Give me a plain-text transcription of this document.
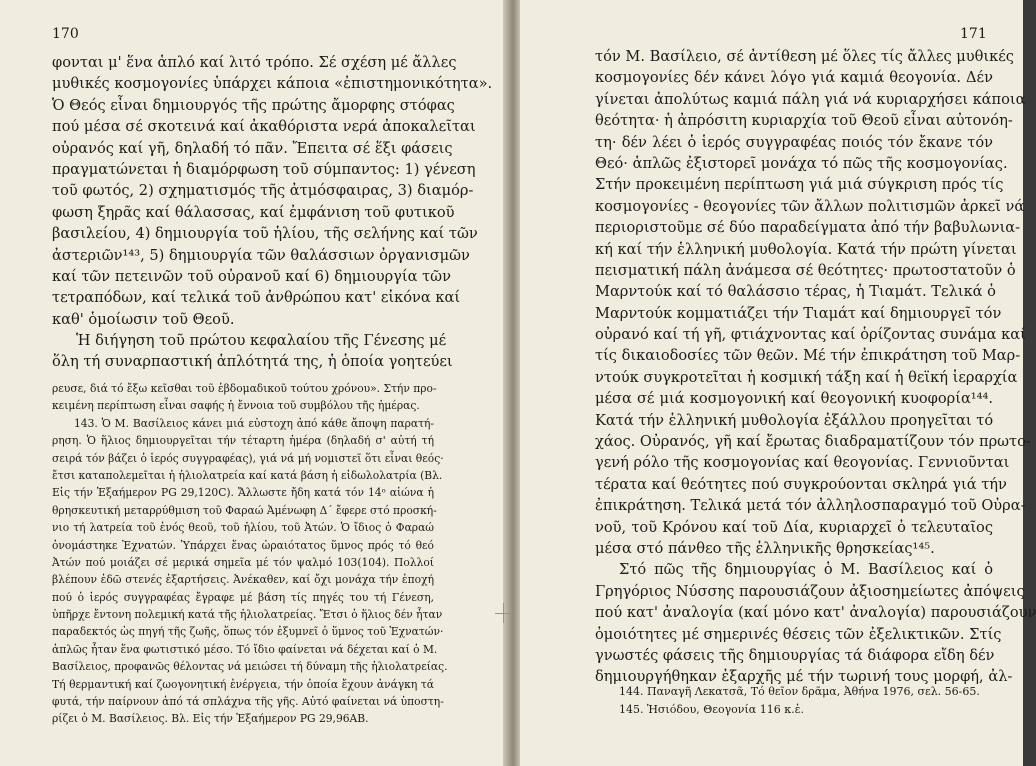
170
φονται μ' ἕνα ἁπλό καί λιτό τρόπο. Σέ σχέση μέ ἄλλες
μυθικές κοσμογονίες ὑπάρχει κάποια «ἐπιστημονικότητα».
Ὁ Θεός εἶναι δημιουργός τῆς πρώτης ἄμορφης στόφας
πού μέσα σέ σκοτεινά καί ἀκαθόριστα νερά ἀποκαλεῖται
οὐρανός καί γῆ, δηλαδή τό πᾶν. Ἔπειτα σέ ἕξι φάσεις
πραγματώνεται ἡ διαμόρφωση τοῦ σύμπαντος: 1) γένεση
τοῦ φωτός, 2) σχηματισμός τῆς ἀτμόσφαιρας, 3) διαμόρ-
φωση ξηρᾶς καί θάλασσας, καί ἐμφάνιση τοῦ φυτικοῦ
βασιλείου, 4) δημιουργία τοῦ ἡλίου, τῆς σελήνης καί τῶν
ἀστεριῶν¹⁴³, 5) δημιουργία τῶν θαλάσσιων ὀργανισμῶν
καί τῶν πετεινῶν τοῦ οὐρανοῦ καί 6) δημιουργία τῶν
τετραπόδων, καί τελικά τοῦ ἀνθρώπου κατ' εἰκόνα καί
καθ' ὁμοίωσιν τοῦ Θεοῦ.
Ἡ διήγηση τοῦ πρώτου κεφαλαίου τῆς Γένεσης μέ
ὅλη τή συναρπαστική ἁπλότητά της, ἡ ὁποία γοητεύει
ρευσε, διά τό ἔξω κεῖσθαι τοῦ ἑβδομαδικοῦ τούτου χρόνου». Στήν προ-
κειμένη περίπτωση εἶναι σαφής ἡ ἔννοια τοῦ συμβόλου τῆς ἡμέρας.
143. Ὁ Μ. Βασίλειος κάνει μιά εὐστοχη ἀπό κάθε ἄποψη παρατή-
ρηση. Ὁ ἥλιος δημιουργεῖται τήν τέταρτη ἡμέρα (δηλαδή σ' αὐτή τή
σειρά τόν βάζει ὁ ἱερός συγγραφέας), γιά νά μή νομιστεῖ ὅτι εἶναι θεός·
ἔτσι καταπολεμεῖται ἡ ἡλιολατρεία καί κατά βάση ἡ εἰδωλολατρία (Βλ.
Εἰς τήν Ἑξαήμερον PG 29,120C). Ἄλλωστε ἤδη κατά τόν 14ᵒ αἰώνα ἡ
θρησκευτική μεταρρύθμιση τοῦ Φαραώ Ἀμένωφη Δ΄ ἔφερε στό προσκή-
νιο τή λατρεία τοῦ ἑνός θεοῦ, τοῦ ἡλίου, τοῦ Ἀτών. Ὁ ἴδιος ὁ Φαραώ
ὀνομάστηκε Ἐχνατών. Ὑπάρχει ἕνας ὡραιότατος ὕμνος πρός τό θεό
Ἀτών πού μοιάζει σέ μερικά σημεῖα μέ τόν ψαλμό 103(104). Πολλοί
βλέπουν ἐδῶ στενές ἐξαρτήσεις. Ἀνέκαθεν, καί ὄχι μονάχα τήν ἐποχή
πού ὁ ἱερός συγγραφέας ἔγραφε μέ βάση τίς πηγές του τή Γένεση,
ὑπῆρχε ἔντονη πολεμική κατά τῆς ἡλιολατρείας. Ἔτσι ὁ ἥλιος δέν ἦταν
παραδεκτός ὡς πηγή τῆς ζωῆς, ὅπως τόν ἐξυμνεῖ ὁ ὕμνος τοῦ Ἐχνατών·
ἁπλῶς ἦταν ἕνα φωτιστικό μέσο. Τό ἴδιο φαίνεται νά δέχεται καί ὁ Μ.
Βασίλειος, προφανῶς θέλοντας νά μειώσει τή δύναμη τῆς ἡλιολατρείας.
Τή θερμαντική καί ζωογονητική ἐνέργεια, τήν ὁποία ἔχουν ἀνάγκη τά
φυτά, τήν παίρνουν ἀπό τά σπλάχνα τῆς γῆς. Αὐτό φαίνεται νά ὑποστη-
ρίζει ὁ Μ. Βασίλειος. Βλ. Εἰς τήν Ἑξαήμερον PG 29,96AB.
171
τόν Μ. Βασίλειο, σέ ἀντίθεση μέ ὅλες τίς ἄλλες μυθικές
κοσμογονίες δέν κάνει λόγο γιά καμιά θεογονία. Δέν
γίνεται ἀπολύτως καμιά πάλη γιά νά κυριαρχήσει κάποια
θεότητα· ἡ ἀπρόσιτη κυριαρχία τοῦ Θεοῦ εἶναι αὐτονόη-
τη· δέν λέει ὁ ἱερός συγγραφέας ποιός τόν ἔκανε τόν
Θεό· ἁπλῶς ἐξιστορεῖ μονάχα τό πῶς τῆς κοσμογονίας.
Στήν προκειμένη περίπτωση γιά μιά σύγκριση πρός τίς
κοσμογονίες - θεογονίες τῶν ἄλλων πολιτισμῶν ἀρκεῖ νά
περιοριστοῦμε σέ δύο παραδείγματα ἀπό τήν βαβυλωνια-
κή καί τήν ἑλληνική μυθολογία. Κατά τήν πρώτη γίνεται
πεισματική πάλη ἀνάμεσα σέ θεότητες· πρωτοστατοῦν ὁ
Μαρντούκ καί τό θαλάσσιο τέρας, ἡ Τιαμάτ. Τελικά ὁ
Μαρντούκ κομματιάζει τήν Τιαμάτ καί δημιουργεῖ τόν
οὐρανό καί τή γῆ, φτιάχνοντας καί ὁρίζοντας συνάμα καί
τίς δικαιοδοσίες τῶν θεῶν. Μέ τήν ἐπικράτηση τοῦ Μαρ-
ντούκ συγκροτεῖται ἡ κοσμική τάξη καί ἡ θεϊκή ἱεραρχία
μέσα σέ μιά κοσμογονική καί θεογονική κυοφορία¹⁴⁴.
Κατά τήν ἑλληνική μυθολογία ἐξάλλου προηγεῖται τό
χάος. Οὐρανός, γῆ καί ἔρωτας διαδραματίζουν τόν πρωτο-
γενή ρόλο τῆς κοσμογονίας καί θεογονίας. Γεννιοῦνται
τέρατα καί θεότητες πού συγκρούονται σκληρά γιά τήν
ἐπικράτηση. Τελικά μετά τόν ἀλληλοσπαραγμό τοῦ Οὐρα-
νοῦ, τοῦ Κρόνου καί τοῦ Δία, κυριαρχεῖ ὁ τελευταῖος
μέσα στό πάνθεο τῆς ἑλληνικῆς θρησκείας¹⁴⁵.
Στό πῶς τῆς δημιουργίας ὁ Μ. Βασίλειος καί ὁ
Γρηγόριος Νύσσης παρουσιάζουν ἀξιοσημείωτες ἀπόψεις
πού κατ' ἀναλογία (καί μόνο κατ' ἀναλογία) παρουσιάζουν
ὁμοιότητες μέ σημερινές θέσεις τῶν ἐξελικτικῶν. Στίς
γνωστές φάσεις τῆς δημιουργίας τά διάφορα εἴδη δέν
δημιουργήθηκαν ἐξαρχῆς μέ τήν τωρινή τους μορφή, ἀλ-
144. Παναγῆ Λεκατσᾶ, Τό θεῖον δρᾶμα, Ἀθήνα 1976, σελ. 56-65.
145. Ἡσιόδου, Θεογονία 116 κ.ἑ.
